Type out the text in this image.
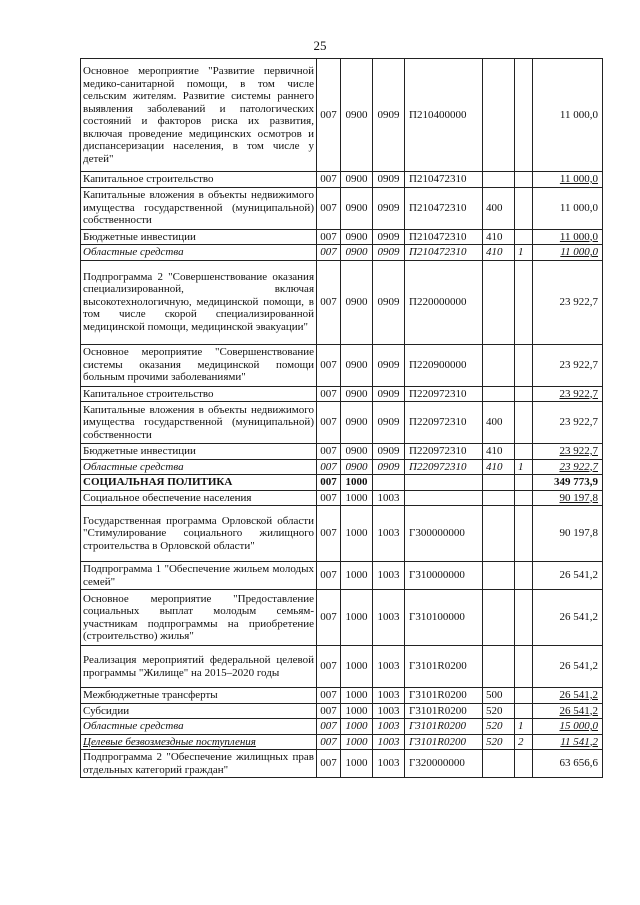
25
Основное мероприятие "Развитие первичной медико-санитарной помощи, в том числе сельским жителям. Развитие системы раннего выявления заболеваний и патологических состояний и факторов риска их развития, включая проведение медицинских осмотров и диспансеризации населения, в том числе у детей"	007	0900	0909	П210400000			11 000,0
Капитальное строительство	007	0900	0909	П210472310			11 000,0
Капитальные вложения в объекты недвижимого имущества государственной (муниципальной) собственности	007	0900	0909	П210472310	400		11 000,0
Бюджетные инвестиции	007	0900	0909	П210472310	410		11 000,0
Областные средства	007	0900	0909	П210472310	410	1	11 000,0
Подпрограмма 2 "Совершенствование оказания специализированной, включая высокотехнологичную, медицинской помощи, в том числе скорой специализированной медицинской помощи, медицинской эвакуации"	007	0900	0909	П220000000			23 922,7
Основное мероприятие "Совершенствование системы оказания медицинской помощи больным прочими заболеваниями"	007	0900	0909	П220900000			23 922,7
Капитальное строительство	007	0900	0909	П220972310			23 922,7
Капитальные вложения в объекты недвижимого имущества государственной (муниципальной) собственности	007	0900	0909	П220972310	400		23 922,7
Бюджетные инвестиции	007	0900	0909	П220972310	410		23 922,7
Областные средства	007	0900	0909	П220972310	410	1	23 922,7
СОЦИАЛЬНАЯ ПОЛИТИКА	007	1000					349 773,9
Социальное обеспечение населения	007	1000	1003				90 197,8
Государственная программа Орловской области "Стимулирование социального жилищного строительства в Орловской области"	007	1000	1003	Г300000000			90 197,8
Подпрограмма 1 "Обеспечение жильем молодых семей"	007	1000	1003	Г310000000			26 541,2
Основное мероприятие "Предоставление социальных выплат молодым семьям-участникам подпрограммы на приобретение (строительство) жилья"	007	1000	1003	Г310100000			26 541,2
Реализация мероприятий федеральной целевой программы "Жилище" на 2015–2020 годы	007	1000	1003	Г3101R0200			26 541,2
Межбюджетные трансферты	007	1000	1003	Г3101R0200	500		26 541,2
Субсидии	007	1000	1003	Г3101R0200	520		26 541,2
Областные средства	007	1000	1003	Г3101R0200	520	1	15 000,0
Целевые безвозмездные поступления	007	1000	1003	Г3101R0200	520	2	11 541,2
Подпрограмма 2 "Обеспечение жилищных прав отдельных категорий граждан"	007	1000	1003	Г320000000			63 656,6
